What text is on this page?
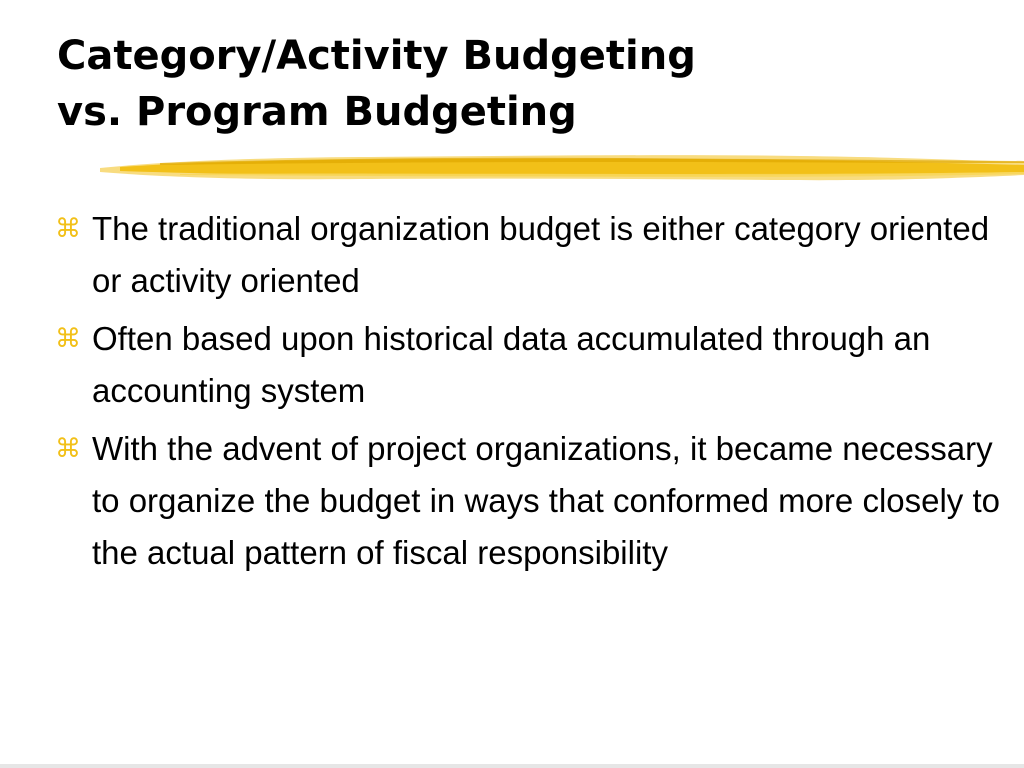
Category/Activity Budgeting
vs. Program Budgeting
⌘ The traditional organization budget is either category oriented or activity oriented
⌘ Often based upon historical data accumulated through an accounting system
⌘ With the advent of project organizations, it became necessary to organize the budget in ways that conformed more closely to the actual pattern of fiscal responsibility
